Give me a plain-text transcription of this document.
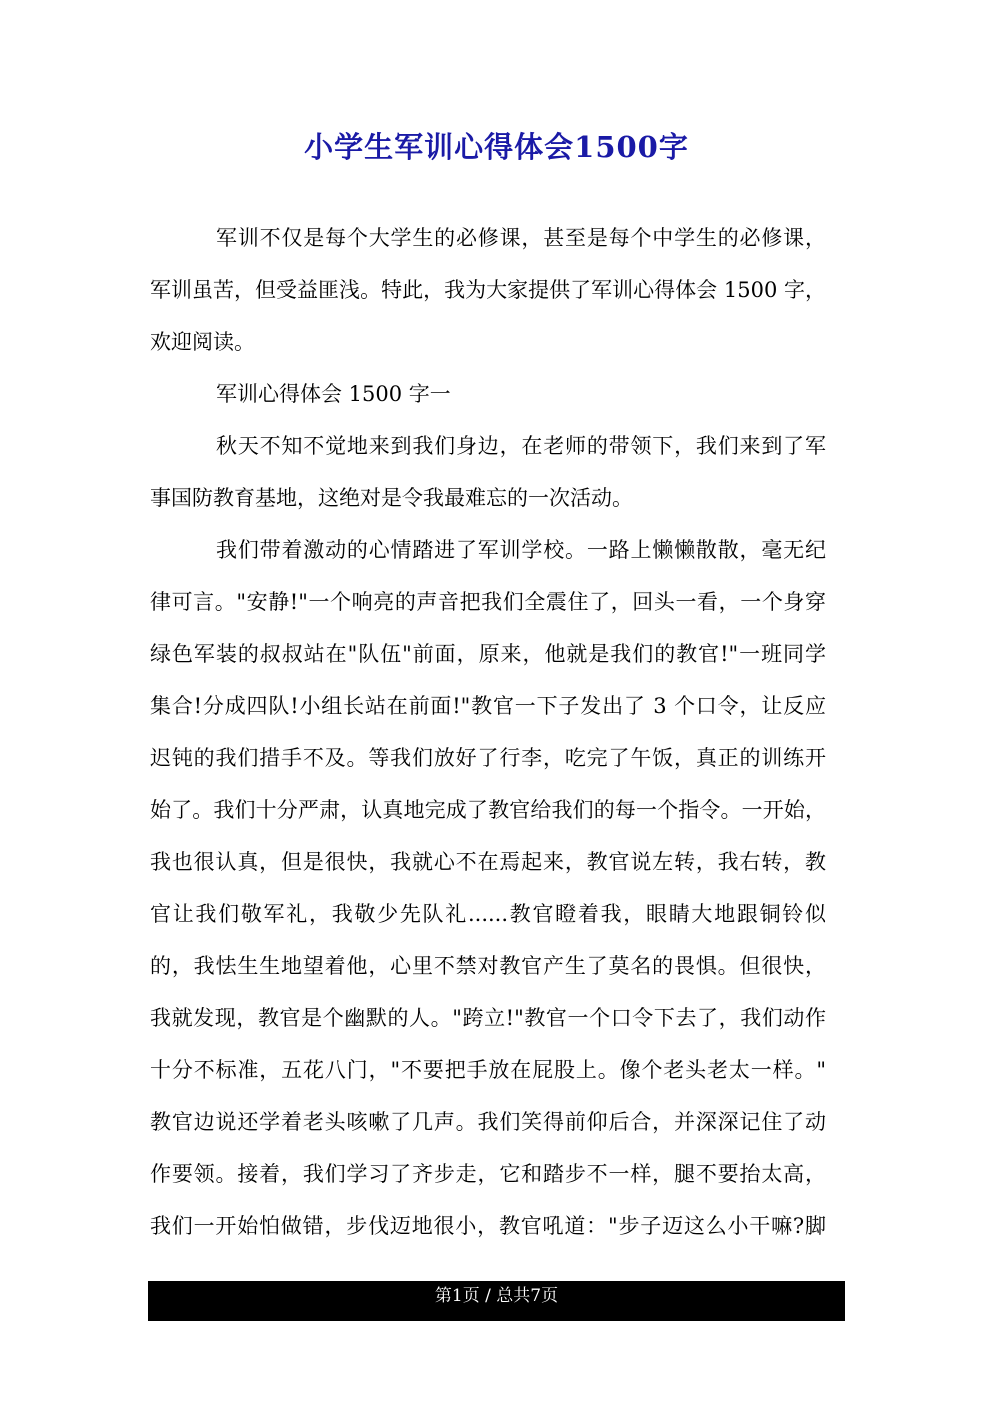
小学生军训心得体会1500字
军训不仅是每个大学生的必修课，甚至是每个中学生的必修课，
军训虽苦，但受益匪浅。特此，我为大家提供了军训心得体会 1500 字，
欢迎阅读。
军训心得体会 1500 字一
秋天不知不觉地来到我们身边，在老师的带领下，我们来到了军
事国防教育基地，这绝对是令我最难忘的一次活动。
我们带着激动的心情踏进了军训学校。一路上懒懒散散，毫无纪
律可言。"安静!"一个响亮的声音把我们全震住了，回头一看，一个身穿
绿色军装的叔叔站在"队伍"前面，原来，他就是我们的教官!"一班同学
集合!分成四队!小组长站在前面!"教官一下子发出了 3 个口令，让反应
迟钝的我们措手不及。等我们放好了行李，吃完了午饭，真正的训练开
始了。我们十分严肃，认真地完成了教官给我们的每一个指令。一开始，
我也很认真，但是很快，我就心不在焉起来，教官说左转，我右转，教
官让我们敬军礼，我敬少先队礼......教官瞪着我，眼睛大地跟铜铃似
的，我怯生生地望着他，心里不禁对教官产生了莫名的畏惧。但很快，
我就发现，教官是个幽默的人。"跨立!"教官一个口令下去了，我们动作
十分不标准，五花八门，"不要把手放在屁股上。像个老头老太一样。"
教官边说还学着老头咳嗽了几声。我们笑得前仰后合，并深深记住了动
作要领。接着，我们学习了齐步走，它和踏步不一样，腿不要抬太高，
我们一开始怕做错，步伐迈地很小，教官吼道："步子迈这么小干嘛?脚
第1页 / 总共7页
